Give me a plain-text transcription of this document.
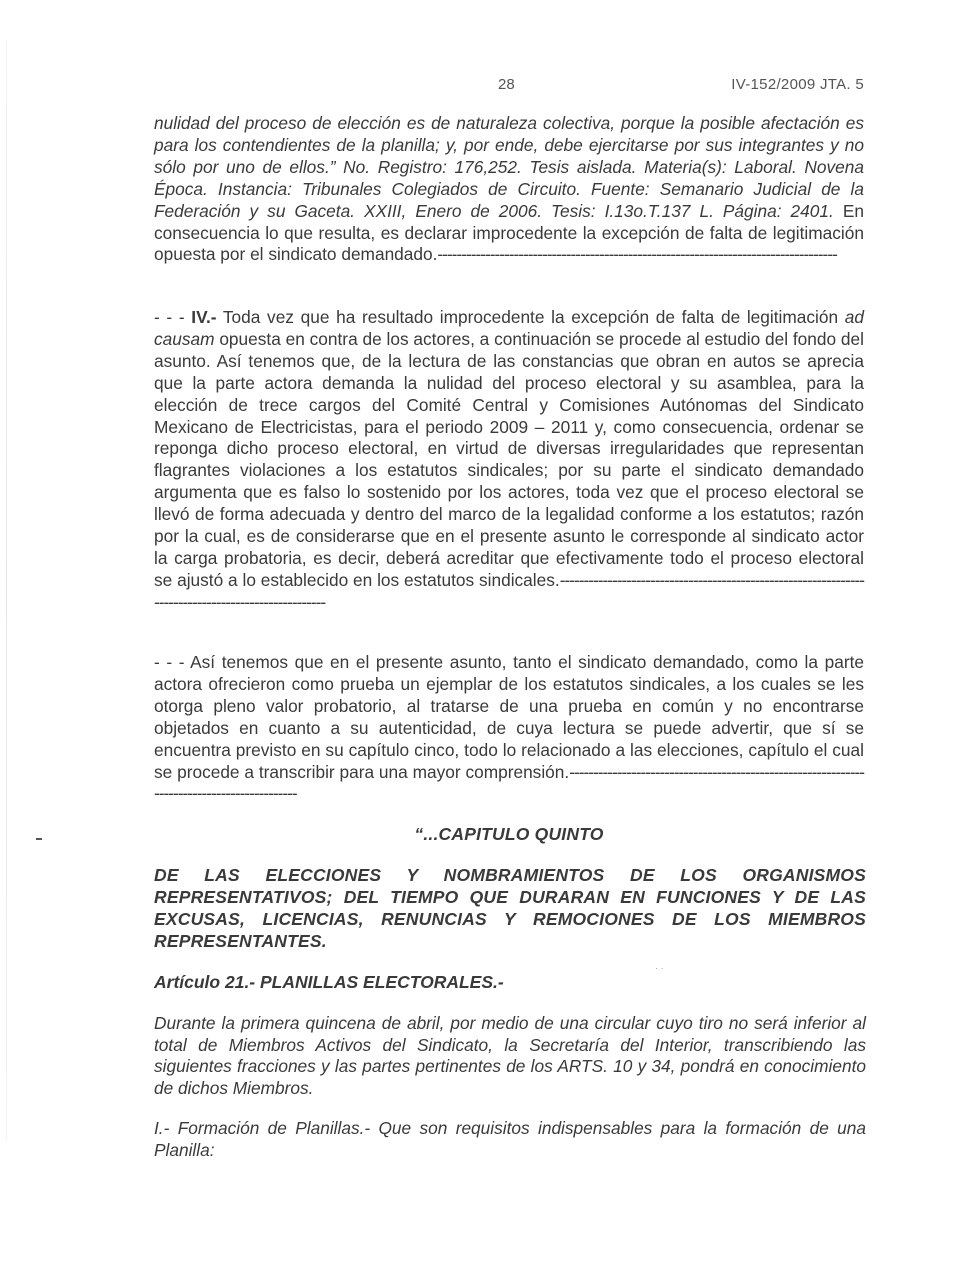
28	IV-152/2009 JTA. 5
nulidad del proceso de elección es de naturaleza colectiva, porque la posible afectación es para los contendientes de la planilla; y, por ende, debe ejercitarse por sus integrantes y no sólo por uno de ellos.” No. Registro: 176,252. Tesis aislada. Materia(s): Laboral. Novena Época. Instancia: Tribunales Colegiados de Circuito. Fuente: Semanario Judicial de la Federación y su Gaceta. XXIII, Enero de 2006. Tesis: I.13o.T.137 L. Página: 2401. En consecuencia lo que resulta, es declarar improcedente la excepción de falta de legitimación opuesta por el sindicato demandado.------------------------------------------------------------------------------------
- - - IV.- Toda vez que ha resultado improcedente la excepción de falta de legitimación ad causam opuesta en contra de los actores, a continuación se procede al estudio del fondo del asunto. Así tenemos que, de la lectura de las constancias que obran en autos se aprecia que la parte actora demanda la nulidad del proceso electoral y su asamblea, para la elección de trece cargos del Comité Central y Comisiones Autónomas del Sindicato Mexicano de Electricistas, para el periodo 2009 – 2011 y, como consecuencia, ordenar se reponga dicho proceso electoral, en virtud de diversas irregularidades que representan flagrantes violaciones a los estatutos sindicales; por su parte el sindicato demandado argumenta que es falso lo sostenido por los actores, toda vez que el proceso electoral se llevó de forma adecuada y dentro del marco de la legalidad conforme a los estatutos; razón por la cual, es de considerarse que en el presente asunto le corresponde al sindicato actor la carga probatoria, es decir, deberá acreditar que efectivamente todo el proceso electoral se ajustó a lo establecido en los estatutos sindicales.----------------------------------------------------------------------------------------------------
- - - Así tenemos que en el presente asunto, tanto el sindicato demandado, como la parte actora ofrecieron como prueba un ejemplar de los estatutos sindicales, a los cuales se les otorga pleno valor probatorio, al tratarse de una prueba en común y no encontrarse objetados en cuanto a su autenticidad, de cuya lectura se puede advertir, que sí se encuentra previsto en su capítulo cinco, todo lo relacionado a las elecciones, capítulo el cual se procede a transcribir para una mayor comprensión.--------------------------------------------------------------------------------------------
“...CAPITULO QUINTO
DE LAS ELECCIONES Y NOMBRAMIENTOS DE LOS ORGANISMOS REPRESENTATIVOS; DEL TIEMPO QUE DURARAN EN FUNCIONES Y DE LAS EXCUSAS, LICENCIAS, RENUNCIAS Y REMOCIONES DE LOS MIEMBROS REPRESENTANTES.
· ·
Artículo 21.- PLANILLAS ELECTORALES.-
Durante la primera quincena de abril, por medio de una circular cuyo tiro no será inferior al total de Miembros Activos del Sindicato, la Secretaría del Interior, transcribiendo las siguientes fracciones y las partes pertinentes de los ARTS. 10 y 34, pondrá en conocimiento de dichos Miembros.
I.- Formación de Planillas.- Que son requisitos indispensables para la formación de una Planilla:
